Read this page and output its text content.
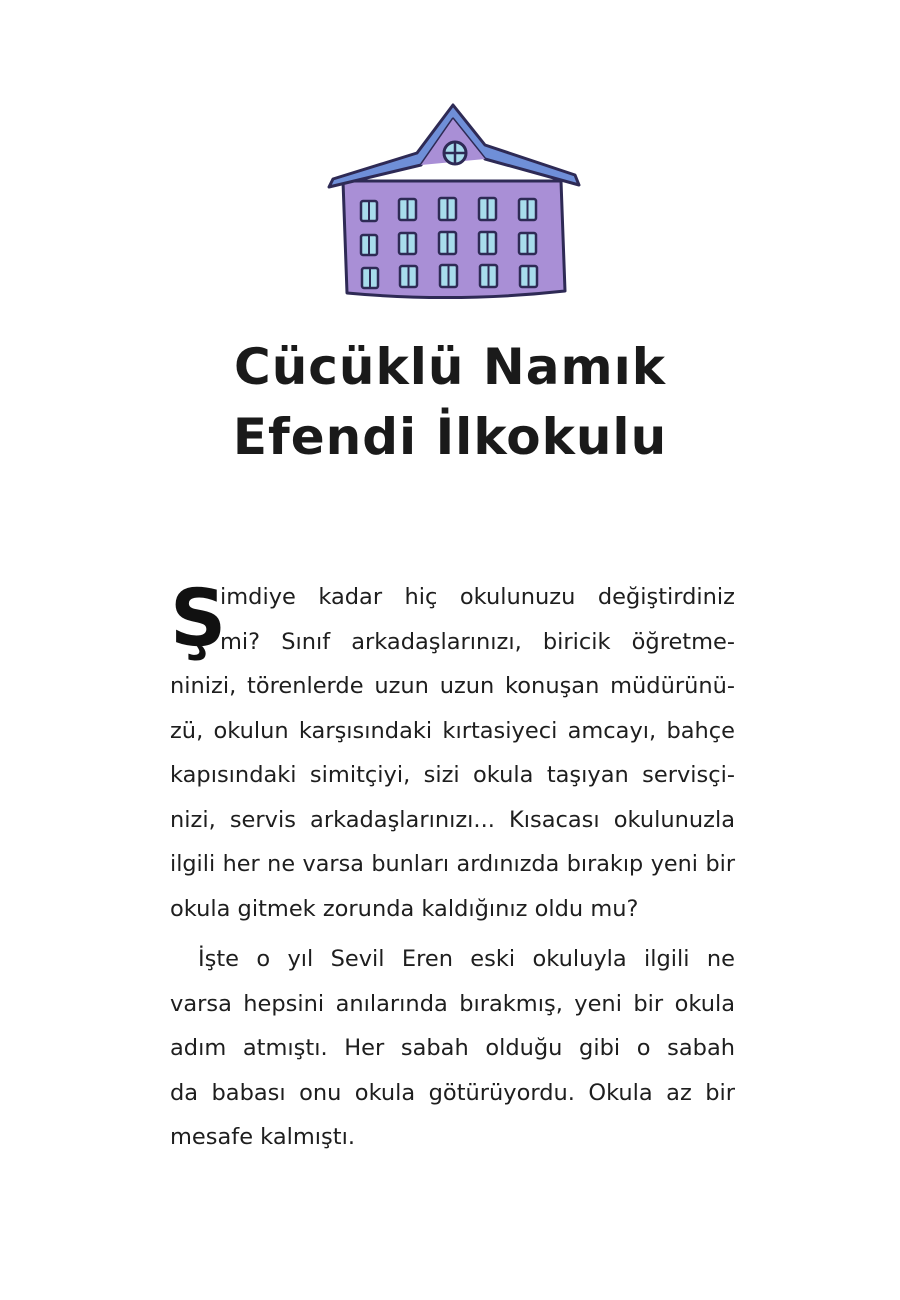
Cücüklü Namık
Efendi İlkokulu

Ş
imdiye kadar hiç okulunuzu değiştirdiniz
mi? Sınıf arkadaşlarınızı, biricik öğretme-
ninizi, törenlerde uzun uzun konuşan müdürünü-
zü, okulun karşısındaki kırtasiyeci amcayı, bahçe
kapısındaki simitçiyi, sizi okula taşıyan servisçi-
nizi, servis arkadaşlarınızı... Kısacası okulunuzla
ilgili her ne varsa bunları ardınızda bırakıp yeni bir
okula gitmek zorunda kaldığınız oldu mu?

İşte o yıl Sevil Eren eski okuluyla ilgili ne
varsa hepsini anılarında bırakmış, yeni bir okula
adım atmıştı. Her sabah olduğu gibi o sabah
da babası onu okula götürüyordu. Okula az bir
mesafe kalmıştı.
